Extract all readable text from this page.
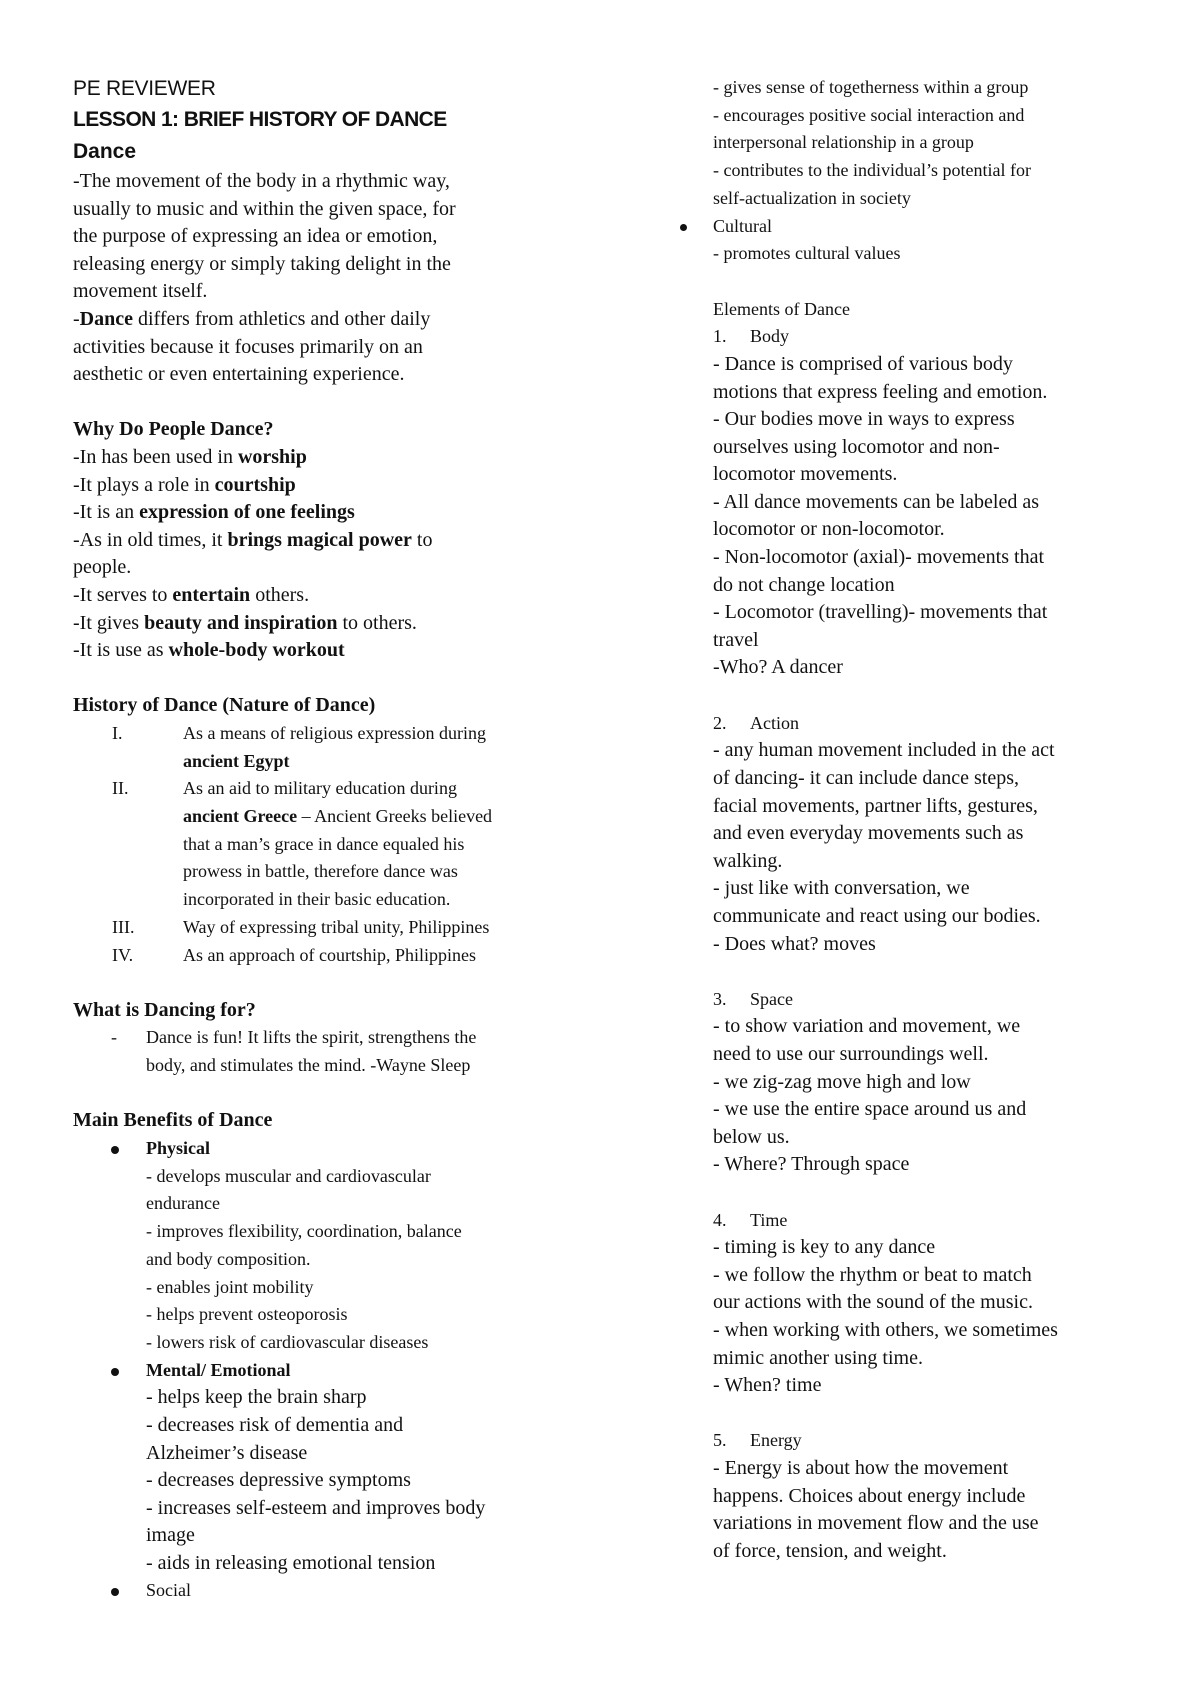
PE REVIEWER
LESSON 1: BRIEF HISTORY OF DANCE
Dance
-The movement of the body in a rhythmic way,
usually to music and within the given space, for
the purpose of expressing an idea or emotion,
releasing energy or simply taking delight in the
movement itself.
-Dance differs from athletics and other daily
activities because it focuses primarily on an
aesthetic or even entertaining experience.
Why Do People Dance?
-In has been used in worship
-It plays a role in courtship
-It is an expression of one feelings
-As in old times, it brings magical power to
people.
-It serves to entertain others.
-It gives beauty and inspiration to others.
-It is use as whole-body workout
History of Dance (Nature of Dance)
I.	As a means of religious expression during
ancient Egypt
II.	As an aid to military education during
ancient Greece – Ancient Greeks believed
that a man’s grace in dance equaled his
prowess in battle, therefore dance was
incorporated in their basic education.
III.	Way of expressing tribal unity, Philippines
IV.	As an approach of courtship, Philippines
What is Dancing for?
- Dance is fun! It lifts the spirit, strengthens the
body, and stimulates the mind. -Wayne Sleep
Main Benefits of Dance
Physical
- develops muscular and cardiovascular
endurance
- improves flexibility, coordination, balance
and body composition.
- enables joint mobility
- helps prevent osteoporosis
- lowers risk of cardiovascular diseases
Mental/ Emotional
- helps keep the brain sharp
- decreases risk of dementia and
Alzheimer’s disease
- decreases depressive symptoms
- increases self-esteem and improves body
image
- aids in releasing emotional tension
Social
- gives sense of togetherness within a group
- encourages positive social interaction and
interpersonal relationship in a group
- contributes to the individual’s potential for
self-actualization in society
Cultural
- promotes cultural values
Elements of Dance
1. Body
- Dance is comprised of various body
motions that express feeling and emotion.
- Our bodies move in ways to express
ourselves using locomotor and non-
locomotor movements.
- All dance movements can be labeled as
locomotor or non-locomotor.
- Non-locomotor (axial)- movements that
do not change location
- Locomotor (travelling)- movements that
travel
-Who? A dancer
2. Action
- any human movement included in the act
of dancing- it can include dance steps,
facial movements, partner lifts, gestures,
and even everyday movements such as
walking.
- just like with conversation, we
communicate and react using our bodies.
- Does what? moves
3. Space
- to show variation and movement, we
need to use our surroundings well.
- we zig-zag move high and low
- we use the entire space around us and
below us.
- Where? Through space
4. Time
- timing is key to any dance
- we follow the rhythm or beat to match
our actions with the sound of the music.
- when working with others, we sometimes
mimic another using time.
- When? time
5. Energy
- Energy is about how the movement
happens. Choices about energy include
variations in movement flow and the use
of force, tension, and weight.
